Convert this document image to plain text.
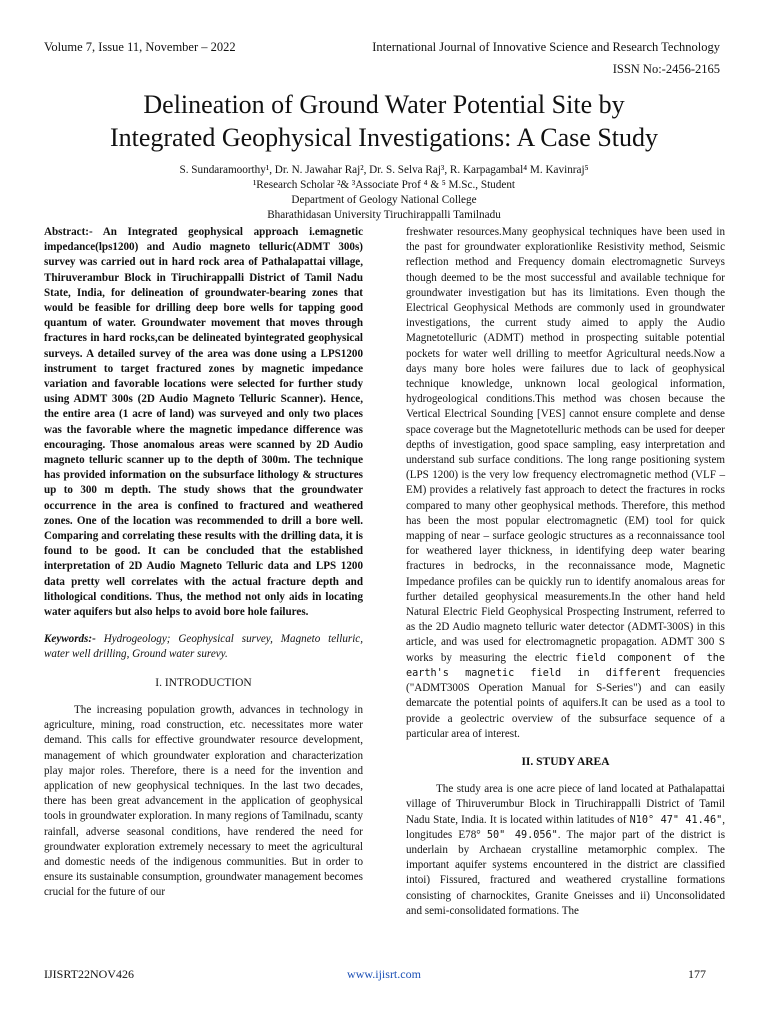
Volume 7, Issue 11, November – 2022	International Journal of Innovative Science and Research Technology
ISSN No:-2456-2165
Delineation of Ground Water Potential Site by
Integrated Geophysical Investigations: A Case Study
S. Sundaramoorthy¹, Dr. N. Jawahar Raj², Dr. S. Selva Raj³, R. Karpagambal⁴ M. Kavinraj⁵
¹Research Scholar ²& ³Associate Prof ⁴ & ⁵ M.Sc., Student
Department of Geology National College
Bharathidasan University Tiruchirappalli Tamilnadu

Abstract:- An Integrated geophysical approach i.emagnetic impedance(lps1200) and Audio magneto telluric(ADMT 300s) survey was carried out in hard rock area of Pathalapattai village, Thiruverambur Block in Tiruchirappalli District of Tamil Nadu State, India, for delineation of groundwater-bearing zones that would be feasible for drilling deep bore wells for tapping good quantum of water. Groundwater movement that moves through fractures in hard rocks,can be delineated byintegrated geophysical surveys. A detailed survey of the area was done using a LPS1200 instrument to target fractured zones by magnetic impedance variation and favorable locations were selected for further study using ADMT 300s (2D Audio Magneto Telluric Scanner). Hence, the entire area (1 acre of land) was surveyed and only two places was the favorable where the magnetic impedance difference was encouraging. Those anomalous areas were scanned by 2D Audio magneto telluric scanner up to the depth of 300m. The technique has provided information on the subsurface lithology & structures up to 300 m depth. The study shows that the groundwater occurrence in the area is confined to fractured and weathered zones. One of the location was recommended to drill a bore well. Comparing and correlating these results with the drilling data, it is found to be good. It can be concluded that the established interpretation of 2D Audio Magneto Telluric data and LPS 1200 data pretty well correlates with the actual fracture depth and lithological conditions. Thus, the method not only aids in locating water aquifers but also helps to avoid bore hole failures.

Keywords:- Hydrogeology; Geophysical survey, Magneto telluric, water well drilling, Ground water surevy.

I. INTRODUCTION

The increasing population growth, advances in technology in agriculture, mining, road construction, etc. necessitates more water demand. This calls for effective groundwater resource development, management of which groundwater exploration and characterization play major roles. Therefore, there is a need for the invention and application of new geophysical techniques. In the last two decades, there has been great advancement in the application of geophysical tools in groundwater exploration. In many regions of Tamilnadu, scanty rainfall, adverse seasonal conditions, have rendered the need for groundwater exploration extremely necessary to meet the agricultural and domestic needs of the indigenous communities. But in order to ensure its sustainable consumption, groundwater management becomes crucial for the future of our

freshwater resources.Many geophysical techniques have been used in the past for groundwater explorationlike Resistivity method, Seismic reflection method and Frequency domain electromagnetic Surveys though deemed to be the most successful and available technique for groundwater investigation but has its limitations. Even though the Electrical Geophysical Methods are commonly used in groundwater investigations, the current study aimed to apply the Audio Magnetotelluric (ADMT) method in prospecting suitable potential pockets for water well drilling to meetfor Agricultural needs.Now a days many bore holes were failures due to lack of geophysical technique knowledge, unknown local geological information, hydrogeological conditions.This method was chosen because the Vertical Electrical Sounding [VES] cannot ensure complete and dense space coverage but the Magnetotelluric methods can be used for deeper depths of investigation, good space sampling, easy interpretation and understand sub surface conditions. The long range positioning system (LPS 1200) is the very low frequency electromagnetic method (VLF – EM) provides a relatively fast approach to detect the fractures in rocks compared to many other geophysical methods. Therefore, this method has been the most popular electromagnetic (EM) tool for quick mapping of near – surface geologic structures as a reconnaissance tool for weathered layer thickness, in identifying deep water bearing fractures in bedrocks, in the reconnaissance mode, Magnetic Impedance profiles can be quickly run to identify anomalous areas for further detailed geophysical measurements.In the other hand held Natural Electric Field Geophysical Prospecting Instrument, referred to as the 2D Audio magneto telluric water detector (ADMT-300S) in this article, and was used for electromagnetic propagation. ADMT 300 S works by measuring the electric field component of the earth's magnetic field in different frequencies ("ADMT300S Operation Manual for S-Series") and can easily demarcate the potential points of aquifers.It can be used as a tool to provide a geolectric overview of the subsurface sequence of a particular area of interest.

II. STUDY AREA

The study area is one acre piece of land located at Pathalapattai village of Thiruverumbur Block in Tiruchirappalli District of Tamil Nadu State, India. It is located within latitudes of N10° 47" 41.46", longitudes E78° 50" 49.056". The major part of the district is underlain by Archaean crystalline metamorphic complex. The important aquifer systems encountered in the district are classified intoi) Fissured, fractured and weathered crystalline formations consisting of charnockites, Granite Gneisses and ii) Unconsolidated and semi-consolidated formations. The

IJISRT22NOV426	www.ijisrt.com	177
